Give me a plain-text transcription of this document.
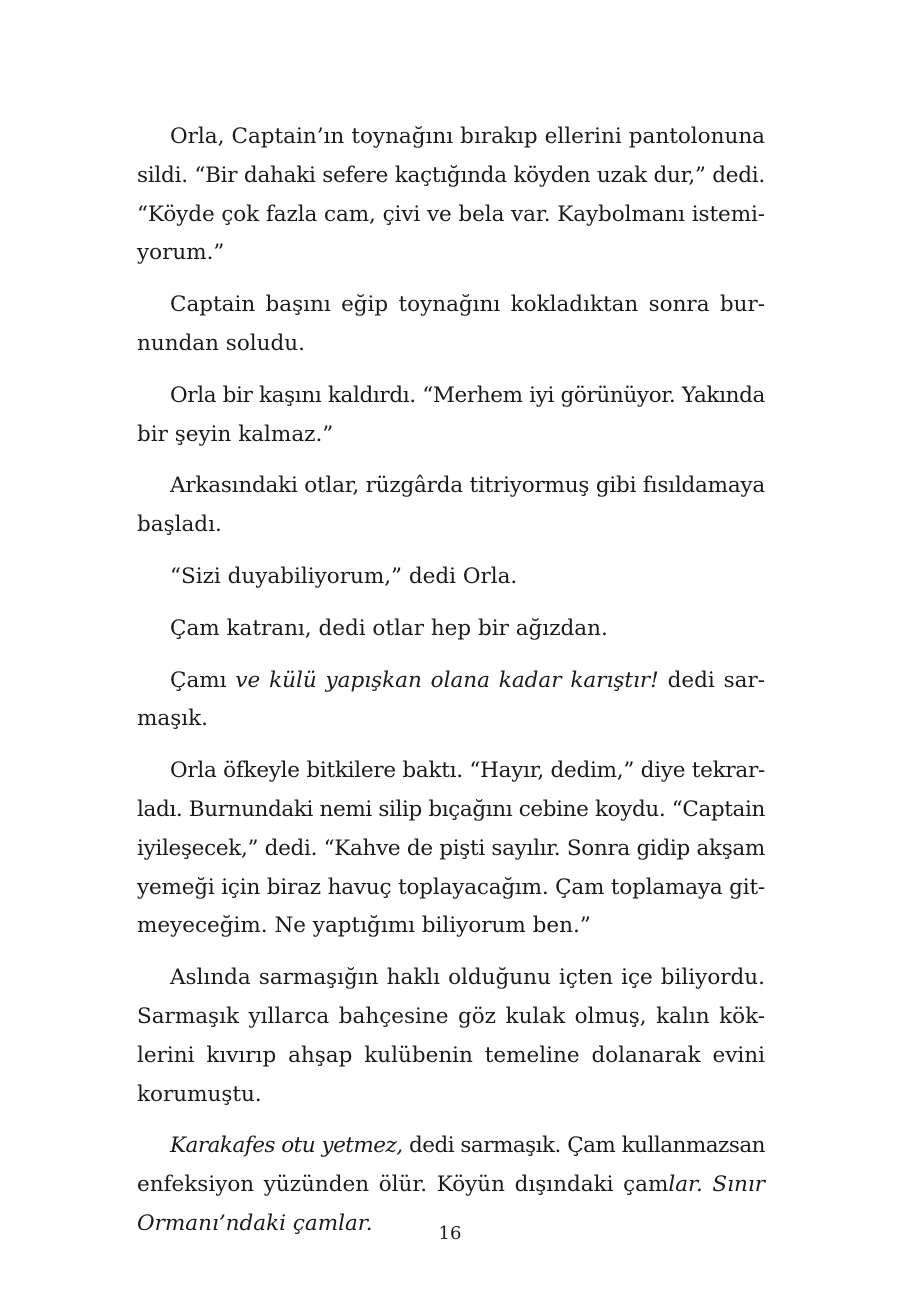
Orla, Captain’ın toynağını bırakıp ellerini pantolonuna
sildi. “Bir dahaki sefere kaçtığında köyden uzak dur,” dedi.
“Köyde çok fazla cam, çivi ve bela var. Kaybolmanı istemi-
yorum.”

Captain başını eğip toynağını kokladıktan sonra bur-
nundan soludu.

Orla bir kaşını kaldırdı. “Merhem iyi görünüyor. Yakında
bir şeyin kalmaz.”

Arkasındaki otlar, rüzgârda titriyormuş gibi fısıldamaya
başladı.

“Sizi duyabiliyorum,” dedi Orla.

Çam katranı, dedi otlar hep bir ağızdan.

Çamı ve külü yapışkan olana kadar karıştır! dedi sar-
maşık.

Orla öfkeyle bitkilere baktı. “Hayır, dedim,” diye tekrar-
ladı. Burnundaki nemi silip bıçağını cebine koydu. “Captain
iyileşecek,” dedi. “Kahve de pişti sayılır. Sonra gidip akşam
yemeği için biraz havuç toplayacağım. Çam toplamaya git-
meyeceğim. Ne yaptığımı biliyorum ben.”

Aslında sarmaşığın haklı olduğunu içten içe biliyordu.
Sarmaşık yıllarca bahçesine göz kulak olmuş, kalın kök-
lerini kıvırıp ahşap kulübenin temeline dolanarak evini
korumuştu.

Karakafes otu yetmez, dedi sarmaşık. Çam kullanmazsan
enfeksiyon yüzünden ölür. Köyün dışındaki çamlar. Sınır
Ormanı’ndaki çamlar.	16
